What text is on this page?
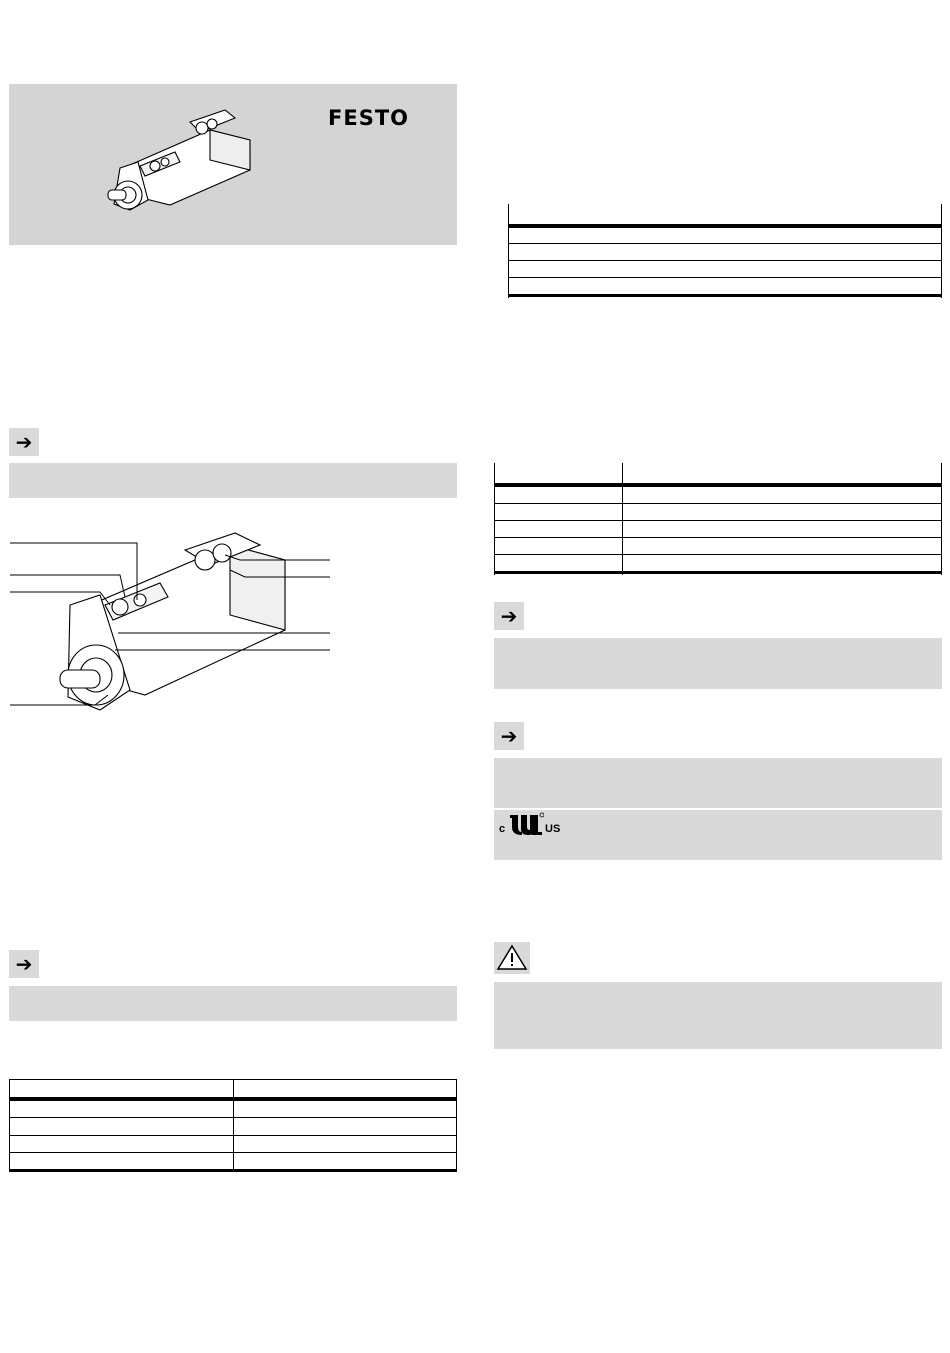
FESTO
➔
➔
➔
➔
c	US
